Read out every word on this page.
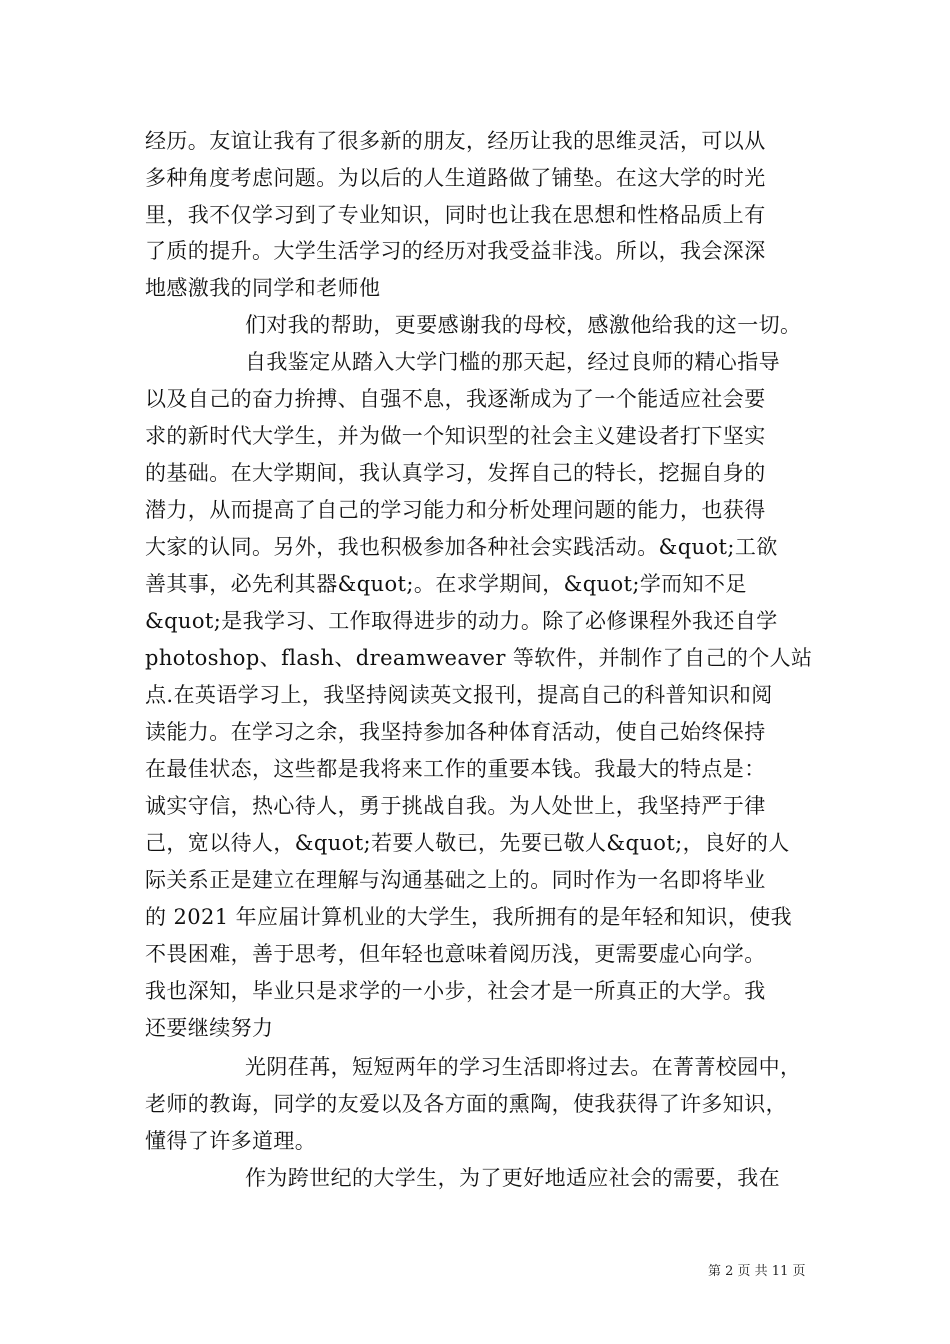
经历。友谊让我有了很多新的朋友，经历让我的思维灵活，可以从
多种角度考虑问题。为以后的人生道路做了铺垫。在这大学的时光
里，我不仅学习到了专业知识，同时也让我在思想和性格品质上有
了质的提升。大学生活学习的经历对我受益非浅。所以，我会深深
地感激我的同学和老师他
们对我的帮助，更要感谢我的母校，感激他给我的这一切。
自我鉴定从踏入大学门槛的那天起，经过良师的精心指导
以及自己的奋力拚搏、自强不息，我逐渐成为了一个能适应社会要
求的新时代大学生，并为做一个知识型的社会主义建设者打下坚实
的基础。在大学期间，我认真学习，发挥自己的特长，挖掘自身的
潜力，从而提高了自己的学习能力和分析处理问题的能力，也获得
大家的认同。另外，我也积极参加各种社会实践活动。&quot;工欲
善其事，必先利其器&quot;。在求学期间，&quot;学而知不足
&quot;是我学习、工作取得进步的动力。除了必修课程外我还自学
photoshop、flash、dreamweaver 等软件，并制作了自己的个人站
点.在英语学习上，我坚持阅读英文报刊，提高自己的科普知识和阅
读能力。在学习之余，我坚持参加各种体育活动，使自己始终保持
在最佳状态，这些都是我将来工作的重要本钱。我最大的特点是：
诚实守信，热心待人，勇于挑战自我。为人处世上，我坚持严于律
己，宽以待人，&quot;若要人敬已，先要已敬人&quot;，良好的人
际关系正是建立在理解与沟通基础之上的。同时作为一名即将毕业
的 2021 年应届计算机业的大学生，我所拥有的是年轻和知识，使我
不畏困难，善于思考，但年轻也意味着阅历浅，更需要虚心向学。
我也深知，毕业只是求学的一小步，社会才是一所真正的大学。我
还要继续努力
光阴荏苒，短短两年的学习生活即将过去。在菁菁校园中，
老师的教诲，同学的友爱以及各方面的熏陶，使我获得了许多知识，
懂得了许多道理。
作为跨世纪的大学生，为了更好地适应社会的需要，我在
第 2 页 共 11 页
